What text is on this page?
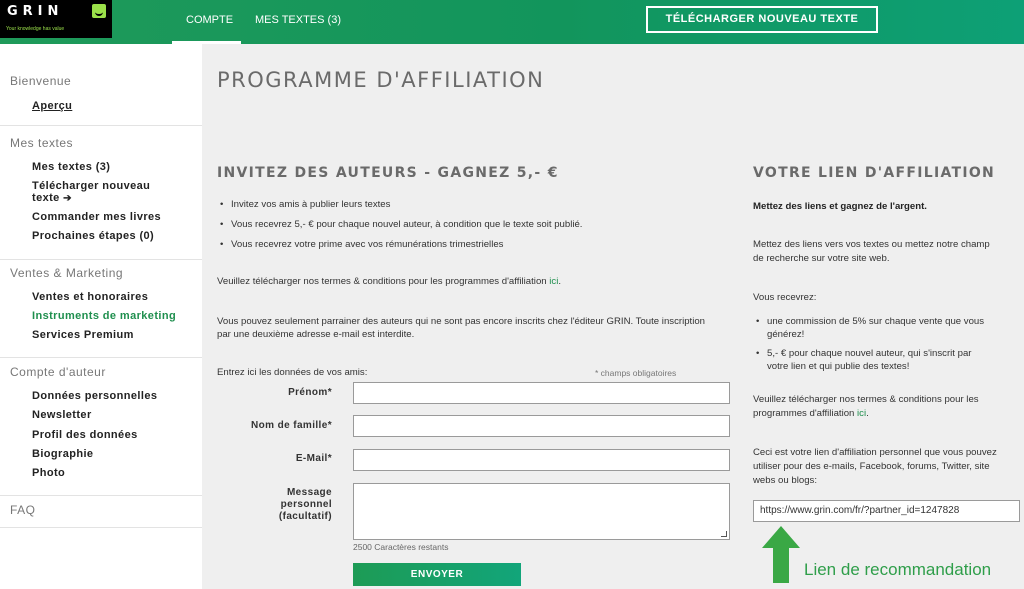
GRIN
Your knowledge has value
COMPTE MES TEXTES (3)	TÉLÉCHARGER NOUVEAU TEXTE
Bienvenue
Aperçu
Mes textes
Mes textes (3)
Télécharger nouveau
texte ➔
Commander mes livres
Prochaines étapes (0)
Ventes & Marketing
Ventes et honoraires
Instruments de marketing
Services Premium
Compte d'auteur
Données personnelles
Newsletter
Profil des données
Biographie
Photo
FAQ
PROGRAMME D'AFFILIATION
INVITEZ DES AUTEURS - GAGNEZ 5,- €
• Invitez vos amis à publier leurs textes
• Vous recevrez 5,- € pour chaque nouvel auteur, à condition que le texte soit publié.
• Vous recevrez votre prime avec vos rémunérations trimestrielles
Veuillez télécharger nos termes & conditions pour les programmes d'affiliation ici.
Vous pouvez seulement parrainer des auteurs qui ne sont pas encore inscrits chez l'éditeur GRIN. Toute inscription
par une deuxième adresse e-mail est interdite.
Entrez ici les données de vos amis:	* champs obligatoires
Prénom*
Nom de famille*
E-Mail*
Message
personnel
(facultatif)
2500 Caractères restants
ENVOYER
VOTRE LIEN D'AFFILIATION
Mettez des liens et gagnez de l'argent.
Mettez des liens vers vos textes ou mettez notre champ
de recherche sur votre site web.
Vous recevrez:
• une commission de 5% sur chaque vente que vous
générez!
• 5,- € pour chaque nouvel auteur, qui s'inscrit par
votre lien et qui publie des textes!
Veuillez télécharger nos termes & conditions pour les
programmes d'affiliation ici.
Ceci est votre lien d'affiliation personnel que vous pouvez
utiliser pour des e-mails, Facebook, forums, Twitter, site
webs ou blogs:
https://www.grin.com/fr/?partner_id=1247828
Lien de recommandation
